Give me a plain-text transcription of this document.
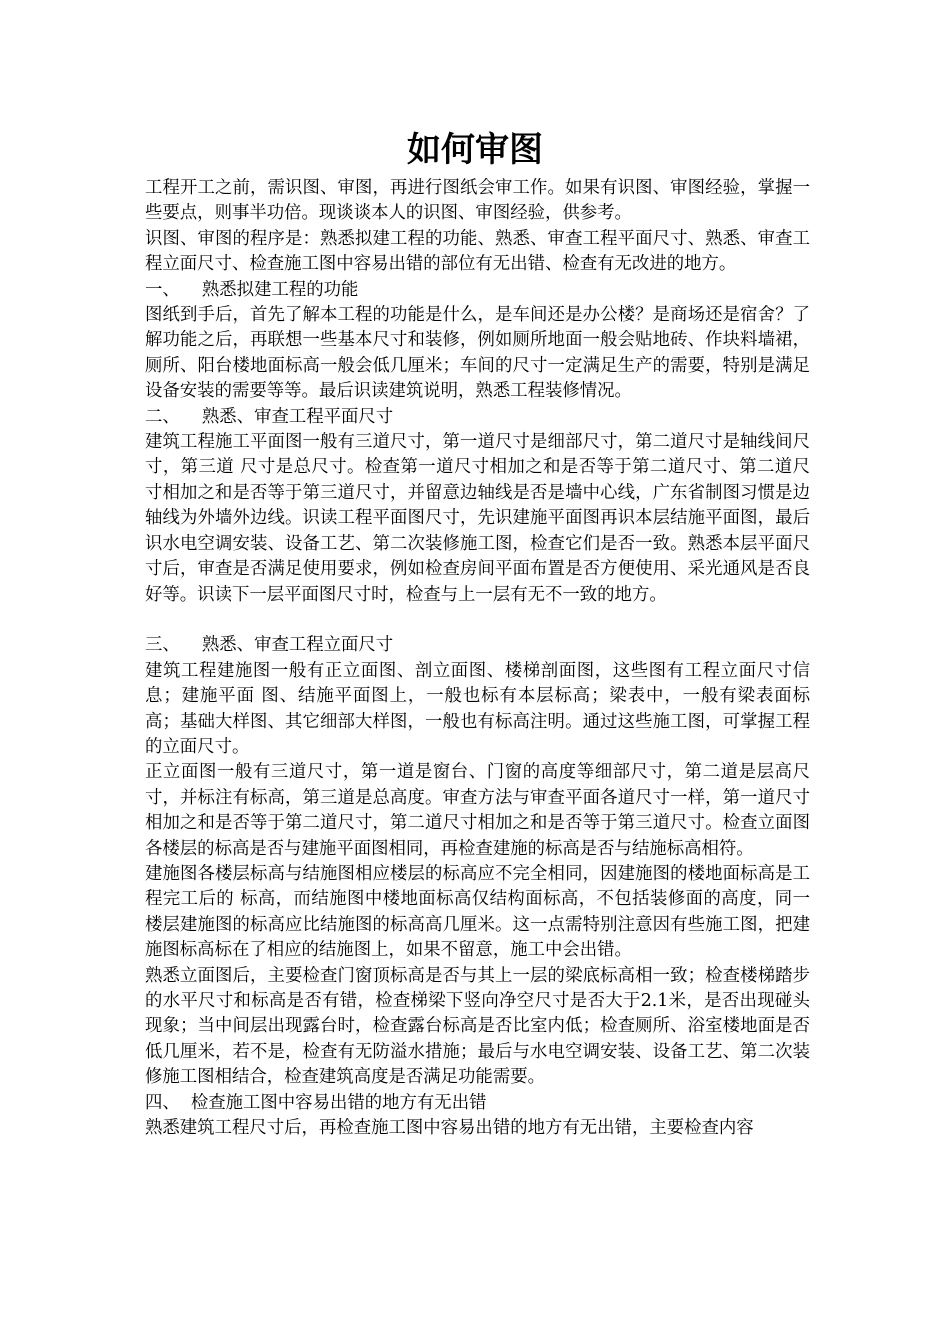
如何审图

工程开工之前，需识图、审图，再进行图纸会审工作。如果有识图、审图经验，掌握一些要点，则事半功倍。现谈谈本人的识图、审图经验，供参考。

识图、审图的程序是：熟悉拟建工程的功能、熟悉、审查工程平面尺寸、熟悉、审查工程立面尺寸、检查施工图中容易出错的部位有无出错、检查有无改进的地方。

一、    熟悉拟建工程的功能

图纸到手后，首先了解本工程的功能是什么，是车间还是办公楼？是商场还是宿舍？了解功能之后，再联想一些基本尺寸和装修，例如厕所地面一般会贴地砖、作块料墙裙，厕所、阳台楼地面标高一般会低几厘米；车间的尺寸一定满足生产的需要，特别是满足设备安装的需要等等。最后识读建筑说明，熟悉工程装修情况。

二、    熟悉、审查工程平面尺寸

建筑工程施工平面图一般有三道尺寸，第一道尺寸是细部尺寸，第二道尺寸是轴线间尺寸，第三道 尺寸是总尺寸。检查第一道尺寸相加之和是否等于第二道尺寸、第二道尺寸相加之和是否等于第三道尺寸，并留意边轴线是否是墙中心线，广东省制图习惯是边轴线为外墙外边线。识读工程平面图尺寸，先识建施平面图再识本层结施平面图，最后识水电空调安装、设备工艺、第二次装修施工图，检查它们是否一致。熟悉本层平面尺寸后，审查是否满足使用要求，例如检查房间平面布置是否方便使用、采光通风是否良好等。识读下一层平面图尺寸时，检查与上一层有无不一致的地方。

三、    熟悉、审查工程立面尺寸

建筑工程建施图一般有正立面图、剖立面图、楼梯剖面图，这些图有工程立面尺寸信息；建施平面 图、结施平面图上，一般也标有本层标高；梁表中，一般有梁表面标高；基础大样图、其它细部大样图，一般也有标高注明。通过这些施工图，可掌握工程的立面尺寸。

正立面图一般有三道尺寸，第一道是窗台、门窗的高度等细部尺寸，第二道是层高尺寸，并标注有标高，第三道是总高度。审查方法与审查平面各道尺寸一样，第一道尺寸相加之和是否等于第二道尺寸，第二道尺寸相加之和是否等于第三道尺寸。检查立面图各楼层的标高是否与建施平面图相同，再检查建施的标高是否与结施标高相符。

建施图各楼层标高与结施图相应楼层的标高应不完全相同，因建施图的楼地面标高是工程完工后的 标高，而结施图中楼地面标高仅结构面标高，不包括装修面的高度，同一楼层建施图的标高应比结施图的标高高几厘米。这一点需特别注意因有些施工图，把建施图标高标在了相应的结施图上，如果不留意，施工中会出错。

熟悉立面图后，主要检查门窗顶标高是否与其上一层的梁底标高相一致；检查楼梯踏步的水平尺寸和标高是否有错，检查梯梁下竖向净空尺寸是否大于2.1米，是否出现碰头现象；当中间层出现露台时，检查露台标高是否比室内低；检查厕所、浴室楼地面是否低几厘米，若不是，检查有无防溢水措施；最后与水电空调安装、设备工艺、第二次装修施工图相结合，检查建筑高度是否满足功能需要。

四、  检查施工图中容易出错的地方有无出错

熟悉建筑工程尺寸后，再检查施工图中容易出错的地方有无出错，主要检查内容
